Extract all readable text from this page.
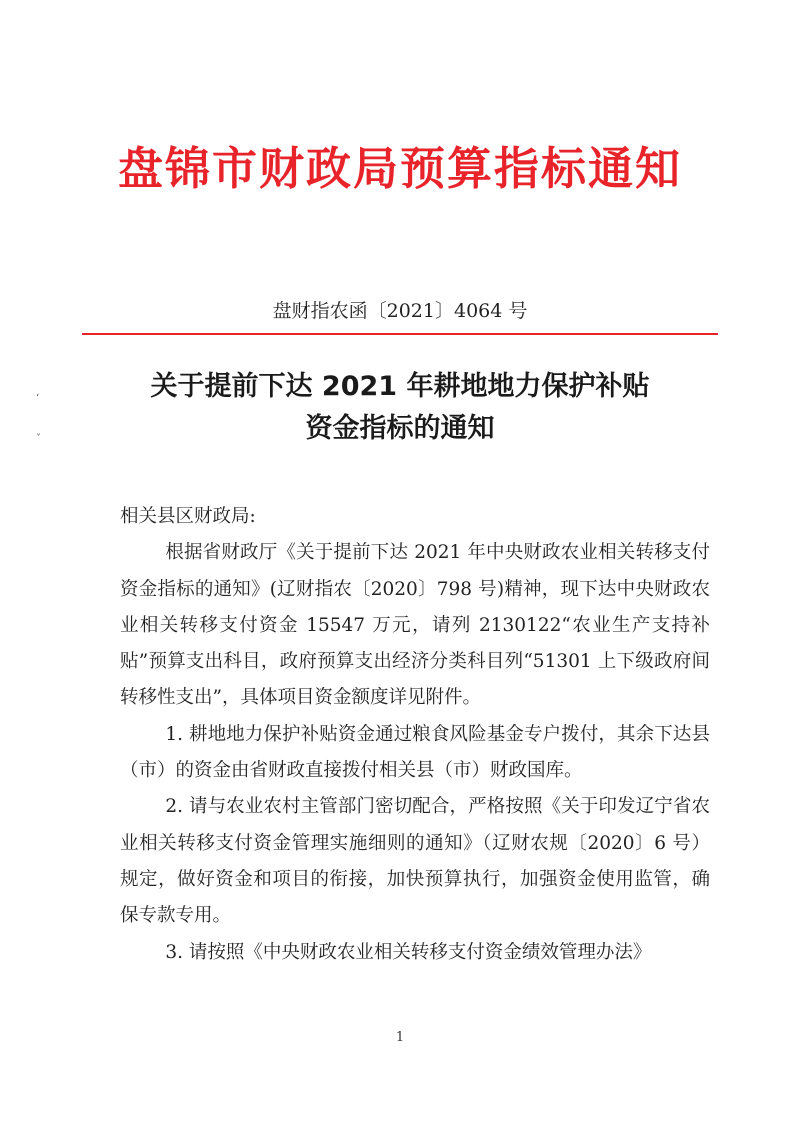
盘锦市财政局预算指标通知
盘财指农函〔2021〕4064 号
关于提前下达 2021 年耕地地力保护补贴
资金指标的通知
ʻ
ˇ

相关县区财政局:

根据省财政厅《关于提前下达 2021 年中央财政农业相关转移支付资金指标的通知》(辽财指农〔2020〕798 号)精神，现下达中央财政农业相关转移支付资金 15547 万元，请列 2130122“农业生产支持补贴”预算支出科目，政府预算支出经济分类科目列“51301 上下级政府间转移性支出”，具体项目资金额度详见附件。

1. 耕地地力保护补贴资金通过粮食风险基金专户拨付，其余下达县（市）的资金由省财政直接拨付相关县（市）财政国库。

2. 请与农业农村主管部门密切配合，严格按照《关于印发辽宁省农业相关转移支付资金管理实施细则的通知》（辽财农规〔2020〕6 号）规定，做好资金和项目的衔接，加快预算执行，加强资金使用监管，确保专款专用。

3. 请按照《中央财政农业相关转移支付资金绩效管理办法》

1
